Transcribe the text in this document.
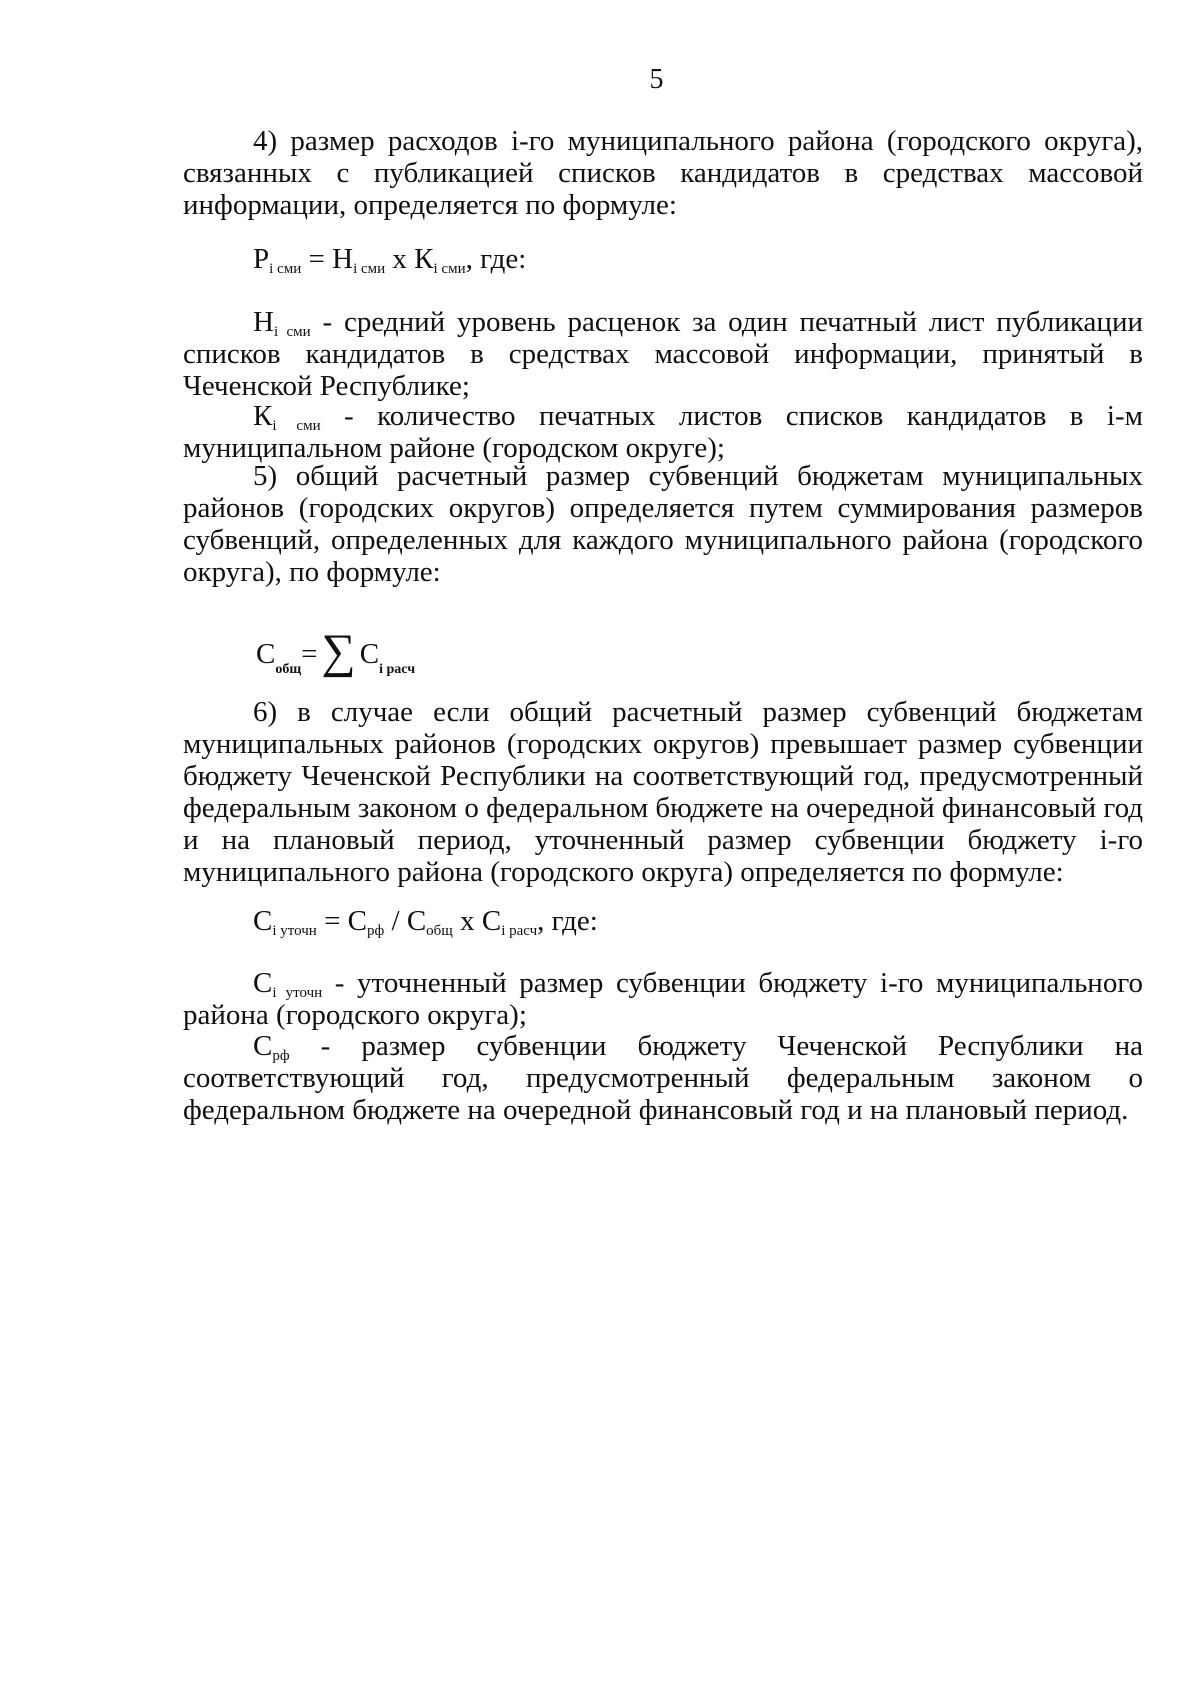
5

4) размер расходов i-го муниципального района (городского округа), связанных с публикацией списков кандидатов в средствах массовой информации, определяется по формуле:

$P_{i сми} = Н_{i сми}$ x $К_{i сми}$, где:

$Н_{i сми}$ - средний уровень расценок за один печатный лист публикации списков кандидатов в средствах массовой информации, принятый в Чеченской Республике;

$К_{i сми}$ - количество печатных листов списков кандидатов в i-м муниципальном районе (городском округе);

5) общий расчетный размер субвенций бюджетам муниципальных районов (городских округов) определяется путем суммирования размеров субвенций, определенных для каждого муниципального района (городского округа), по формуле:

С общ = ∑ С i расч

6) в случае если общий расчетный размер субвенций бюджетам муниципальных районов (городских округов) превышает размер субвенции бюджету Чеченской Республики на соответствующий год, предусмотренный федеральным законом о федеральном бюджете на очередной финансовый год и на плановый период, уточненный размер субвенции бюджету i-го муниципального района (городского округа) определяется по формуле:

$С_{i уточн} = С_{рф} / С_{общ}$ x $С_{i расч}$, где:

$С_{i уточн}$ - уточненный размер субвенции бюджету i-го муниципального района (городского округа);

$С_{рф}$ - размер субвенции бюджету Чеченской Республики на соответствующий год, предусмотренный федеральным законом о федеральном бюджете на очередной финансовый год и на плановый период.
